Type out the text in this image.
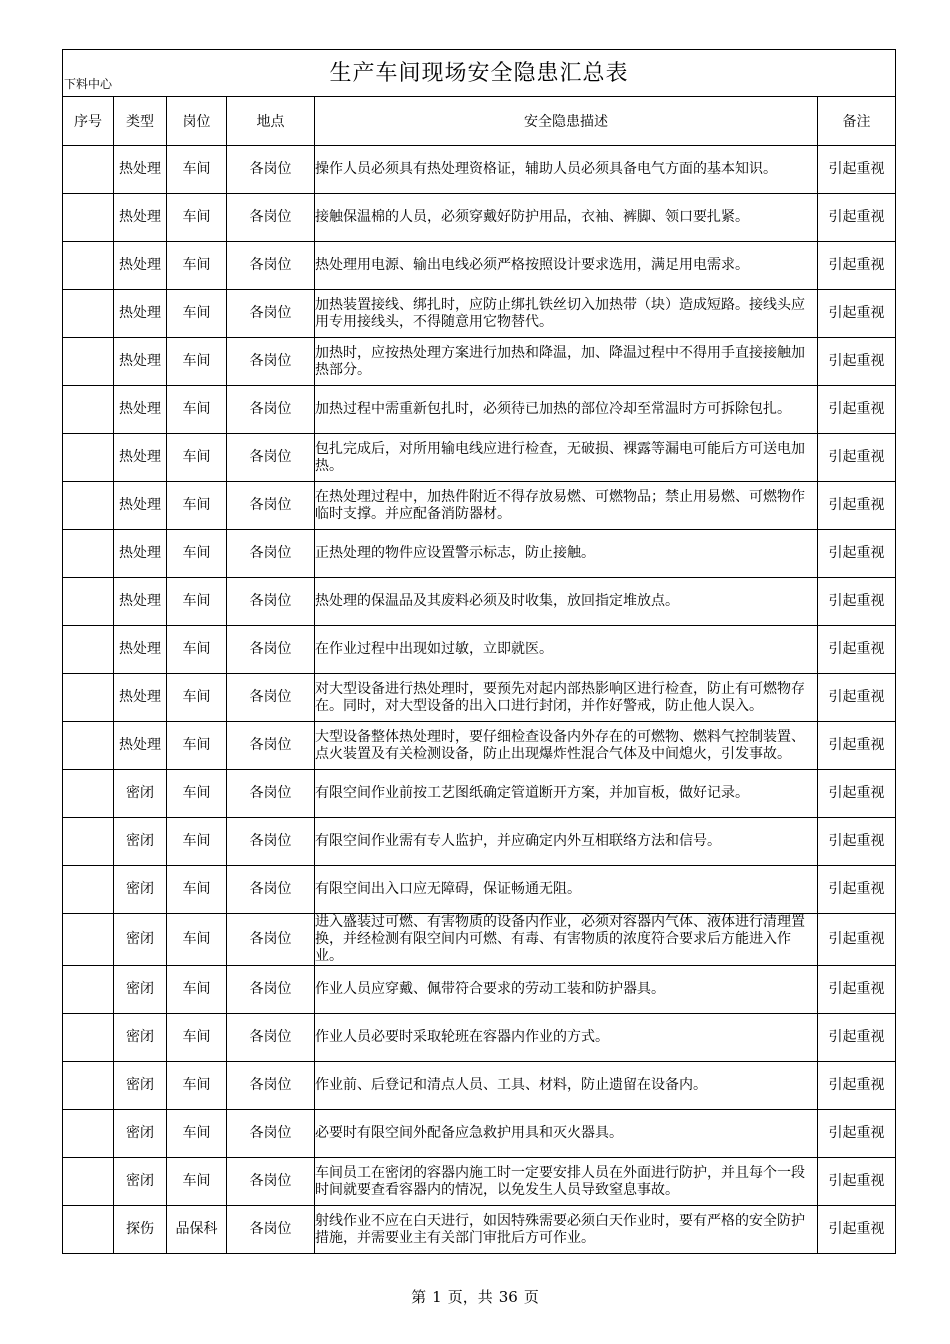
下料中心 生产车间现场安全隐患汇总表					

序号	类型	岗位	地点	安全隐患描述	备注
	热处理	车间	各岗位	操作人员必须具有热处理资格证，辅助人员必须具备电气方面的基本知识。	引起重视
	热处理	车间	各岗位	接触保温棉的人员，必须穿戴好防护用品，衣袖、裤脚、领口要扎紧。	引起重视
	热处理	车间	各岗位	热处理用电源、输出电线必须严格按照设计要求选用，满足用电需求。	引起重视
	热处理	车间	各岗位	加热装置接线、绑扎时，应防止绑扎铁丝切入加热带（块）造成短路。接线头应用专用接线头，不得随意用它物替代。	引起重视
	热处理	车间	各岗位	加热时，应按热处理方案进行加热和降温，加、降温过程中不得用手直接接触加热部分。	引起重视
	热处理	车间	各岗位	加热过程中需重新包扎时，必须待已加热的部位冷却至常温时方可拆除包扎。	引起重视
	热处理	车间	各岗位	包扎完成后，对所用输电线应进行检查，无破损、裸露等漏电可能后方可送电加热。	引起重视
	热处理	车间	各岗位	在热处理过程中，加热件附近不得存放易燃、可燃物品；禁止用易燃、可燃物作临时支撑。并应配备消防器材。	引起重视
	热处理	车间	各岗位	正热处理的物件应设置警示标志，防止接触。	引起重视
	热处理	车间	各岗位	热处理的保温品及其废料必须及时收集，放回指定堆放点。	引起重视
	热处理	车间	各岗位	在作业过程中出现如过敏，立即就医。	引起重视
	热处理	车间	各岗位	对大型设备进行热处理时，要预先对起内部热影响区进行检查，防止有可燃物存在。同时，对大型设备的出入口进行封闭，并作好警戒，防止他人误入。	引起重视
	热处理	车间	各岗位	大型设备整体热处理时，要仔细检查设备内外存在的可燃物、燃料气控制装置、点火装置及有关检测设备，防止出现爆炸性混合气体及中间熄火，引发事故。	引起重视
	密闭	车间	各岗位	有限空间作业前按工艺图纸确定管道断开方案，并加盲板，做好记录。	引起重视
	密闭	车间	各岗位	有限空间作业需有专人监护，并应确定内外互相联络方法和信号。	引起重视
	密闭	车间	各岗位	有限空间出入口应无障碍，保证畅通无阻。	引起重视
	密闭	车间	各岗位	进入盛装过可燃、有害物质的设备内作业，必须对容器内气体、液体进行清理置换，并经检测有限空间内可燃、有毒、有害物质的浓度符合要求后方能进入作业。	引起重视
	密闭	车间	各岗位	作业人员应穿戴、佩带符合要求的劳动工装和防护器具。	引起重视
	密闭	车间	各岗位	作业人员必要时采取轮班在容器内作业的方式。	引起重视
	密闭	车间	各岗位	作业前、后登记和清点人员、工具、材料，防止遗留在设备内。	引起重视
	密闭	车间	各岗位	必要时有限空间外配备应急救护用具和灭火器具。	引起重视
	密闭	车间	各岗位	车间员工在密闭的容器内施工时一定要安排人员在外面进行防护，并且每个一段时间就要查看容器内的情况，以免发生人员导致窒息事故。	引起重视
	探伤	品保科	各岗位	射线作业不应在白天进行，如因特殊需要必须白天作业时，要有严格的安全防护措施，并需要业主有关部门审批后方可作业。	引起重视
第 1 页，共 36 页
